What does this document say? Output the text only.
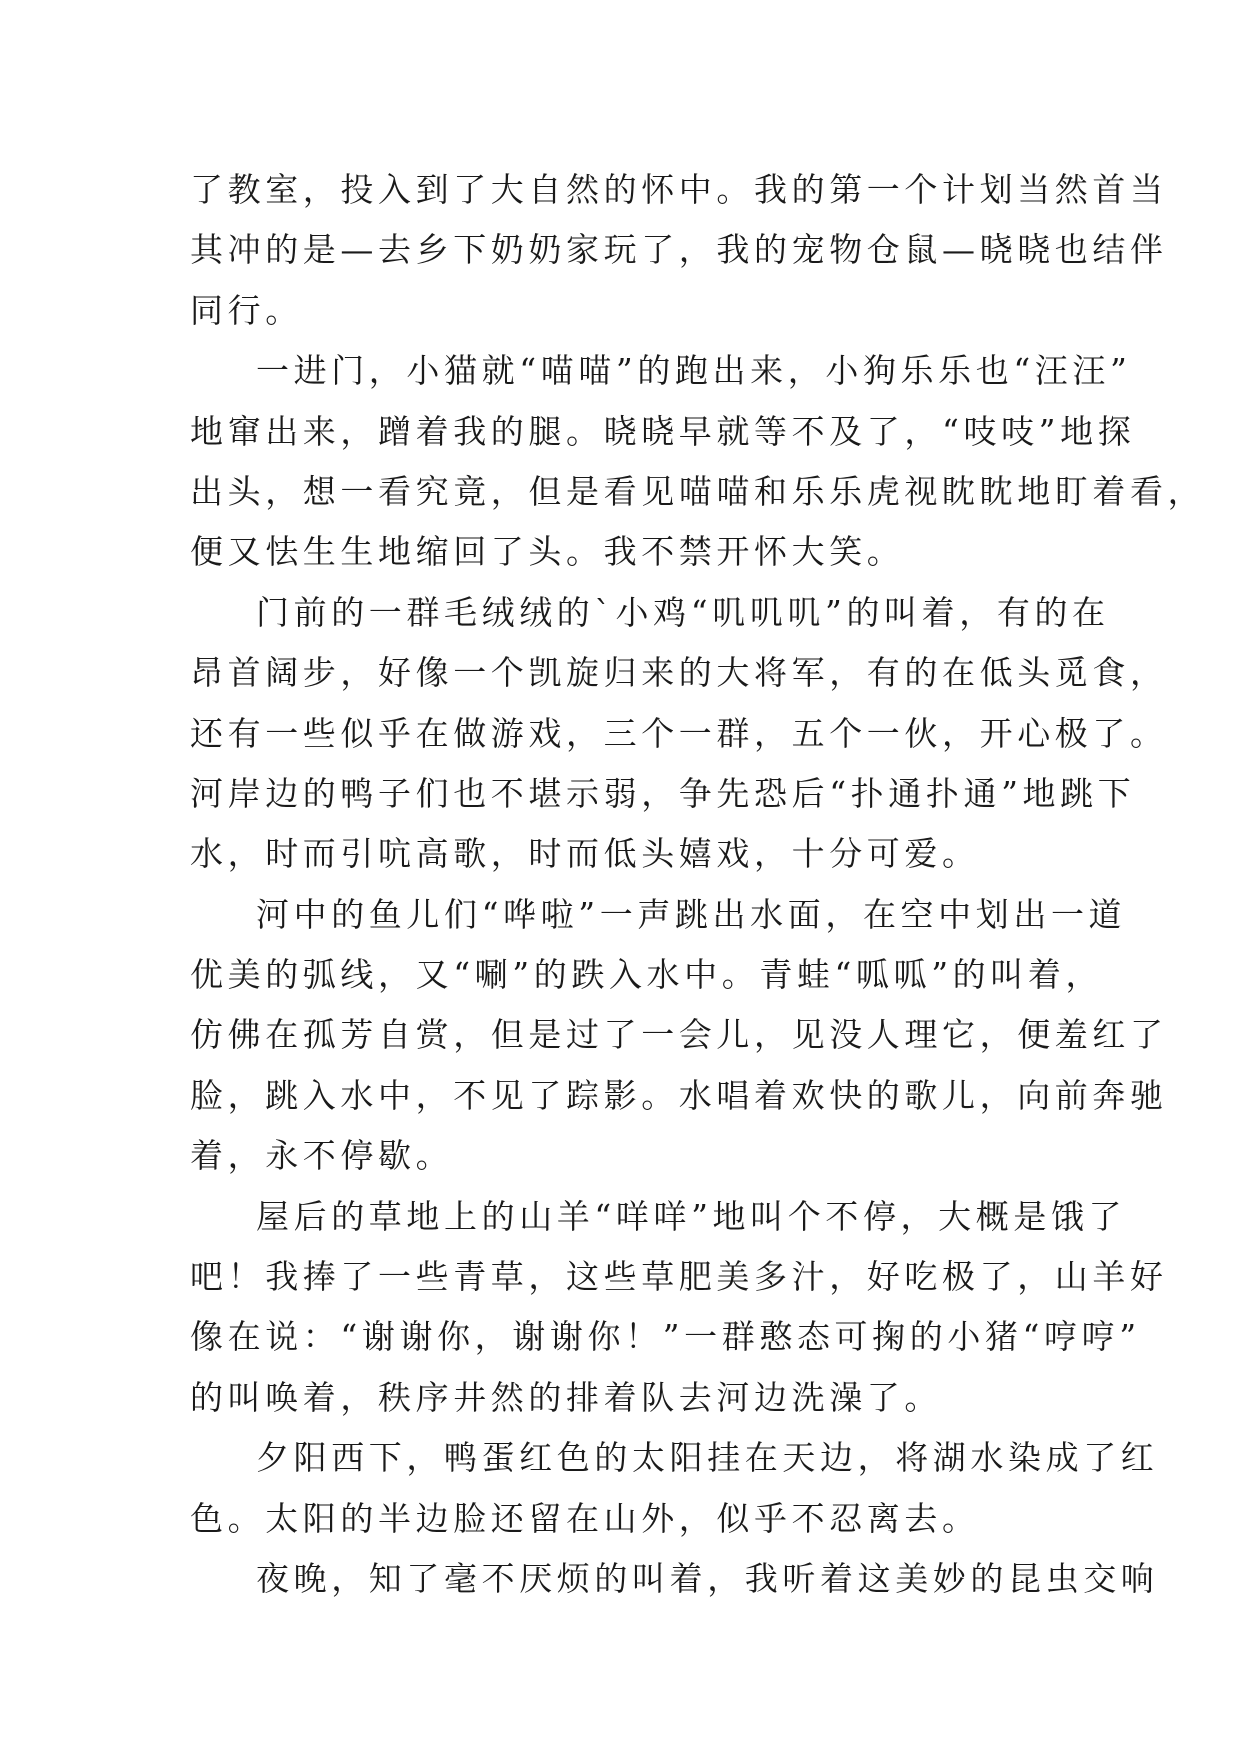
了教室，投入到了大自然的怀中。我的第一个计划当然首当
其冲的是—去乡下奶奶家玩了，我的宠物仓鼠—晓晓也结伴
同行。
一进门，小猫就“喵喵”的跑出来，小狗乐乐也“汪汪”
地窜出来，蹭着我的腿。晓晓早就等不及了，“吱吱”地探
出头，想一看究竟，但是看见喵喵和乐乐虎视眈眈地盯着看，
便又怯生生地缩回了头。我不禁开怀大笑。
门前的一群毛绒绒的`小鸡“叽叽叽”的叫着，有的在
昂首阔步，好像一个凯旋归来的大将军，有的在低头觅食，
还有一些似乎在做游戏，三个一群，五个一伙，开心极了。
河岸边的鸭子们也不堪示弱，争先恐后“扑通扑通”地跳下
水，时而引吭高歌，时而低头嬉戏，十分可爱。
河中的鱼儿们“哗啦”一声跳出水面，在空中划出一道
优美的弧线，又“唰”的跌入水中。青蛙“呱呱”的叫着，
仿佛在孤芳自赏，但是过了一会儿，见没人理它，便羞红了
脸，跳入水中，不见了踪影。水唱着欢快的歌儿，向前奔驰
着，永不停歇。
屋后的草地上的山羊“咩咩”地叫个不停，大概是饿了
吧！我捧了一些青草，这些草肥美多汁，好吃极了，山羊好
像在说：“谢谢你，谢谢你！”一群憨态可掬的小猪“哼哼”
的叫唤着，秩序井然的排着队去河边洗澡了。
夕阳西下，鸭蛋红色的太阳挂在天边，将湖水染成了红
色。太阳的半边脸还留在山外，似乎不忍离去。
夜晚，知了毫不厌烦的叫着，我听着这美妙的昆虫交响
